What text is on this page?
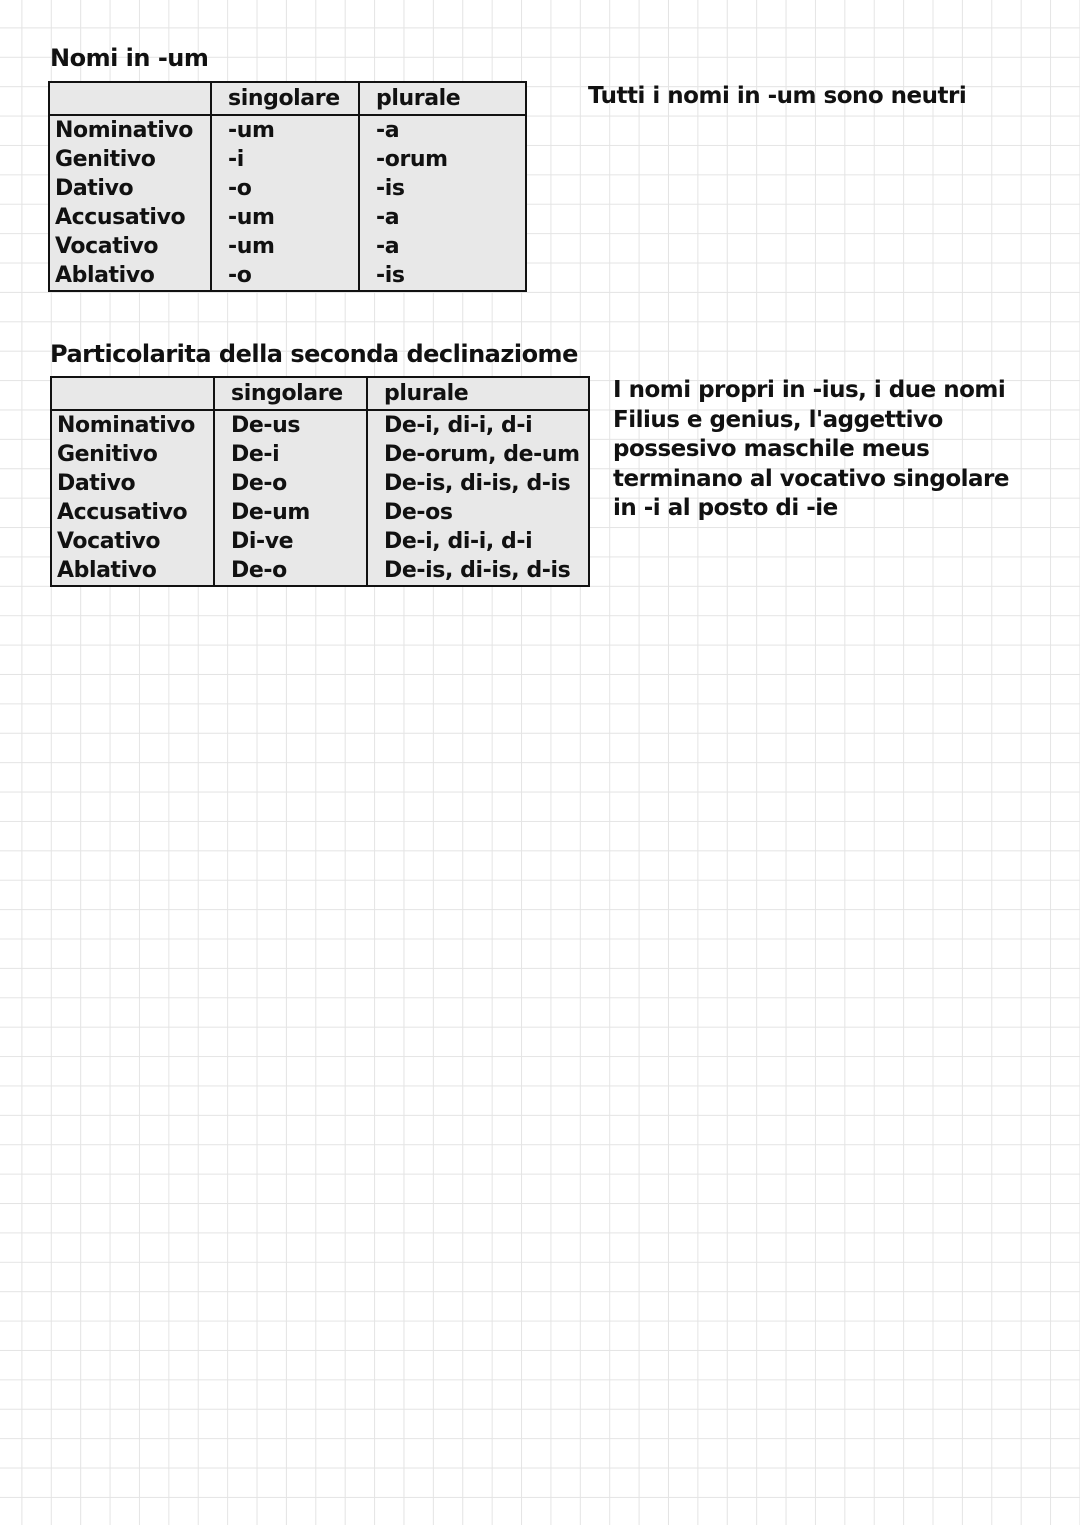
Nomi in -um
	singolare	plurale
Nominativo	-um	-a
Genitivo	-i	-orum
Dativo	-o	-is
Accusativo	-um	-a
Vocativo	-um	-a
Ablativo	-o	-is

Tutti i nomi in -um sono neutri

Particolarita della seconda declinaziome
	singolare	plurale
Nominativo	De-us	De-i, di-i, d-i
Genitivo	De-i	De-orum, de-um
Dativo	De-o	De-is, di-is, d-is
Accusativo	De-um	De-os
Vocativo	Di-ve	De-i, di-i, d-i
Ablativo	De-o	De-is, di-is, d-is

I nomi propri in -ius, i due nomi Filius e genius, l'aggettivo possesivo maschile meus terminano al vocativo singolare in -i al posto di -ie
